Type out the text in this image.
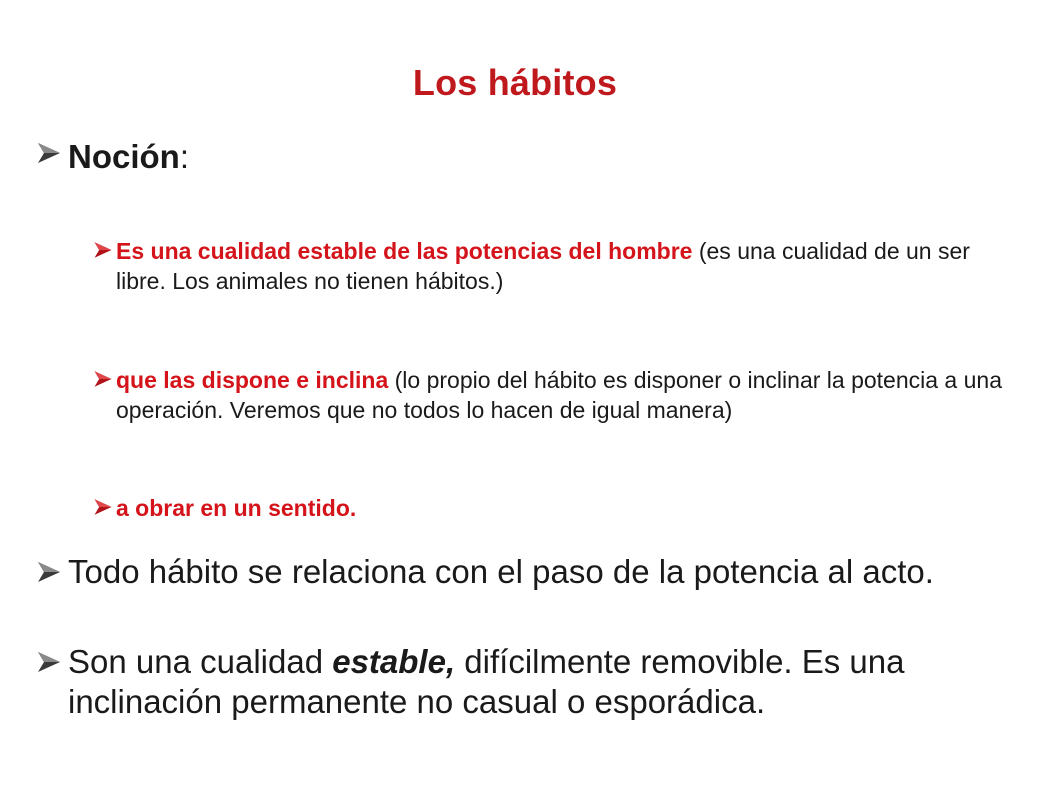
Los hábitos
Noción:
Es una cualidad estable de las potencias del hombre (es una cualidad de un ser libre. Los animales no tienen hábitos.)
que las dispone e inclina (lo propio del hábito es disponer o inclinar la potencia a una operación. Veremos que no todos lo hacen de igual manera)
a obrar en un sentido.
Todo hábito se relaciona con el paso de la potencia al acto.
Son una cualidad estable, difícilmente removible. Es una inclinación permanente no casual o esporádica.
